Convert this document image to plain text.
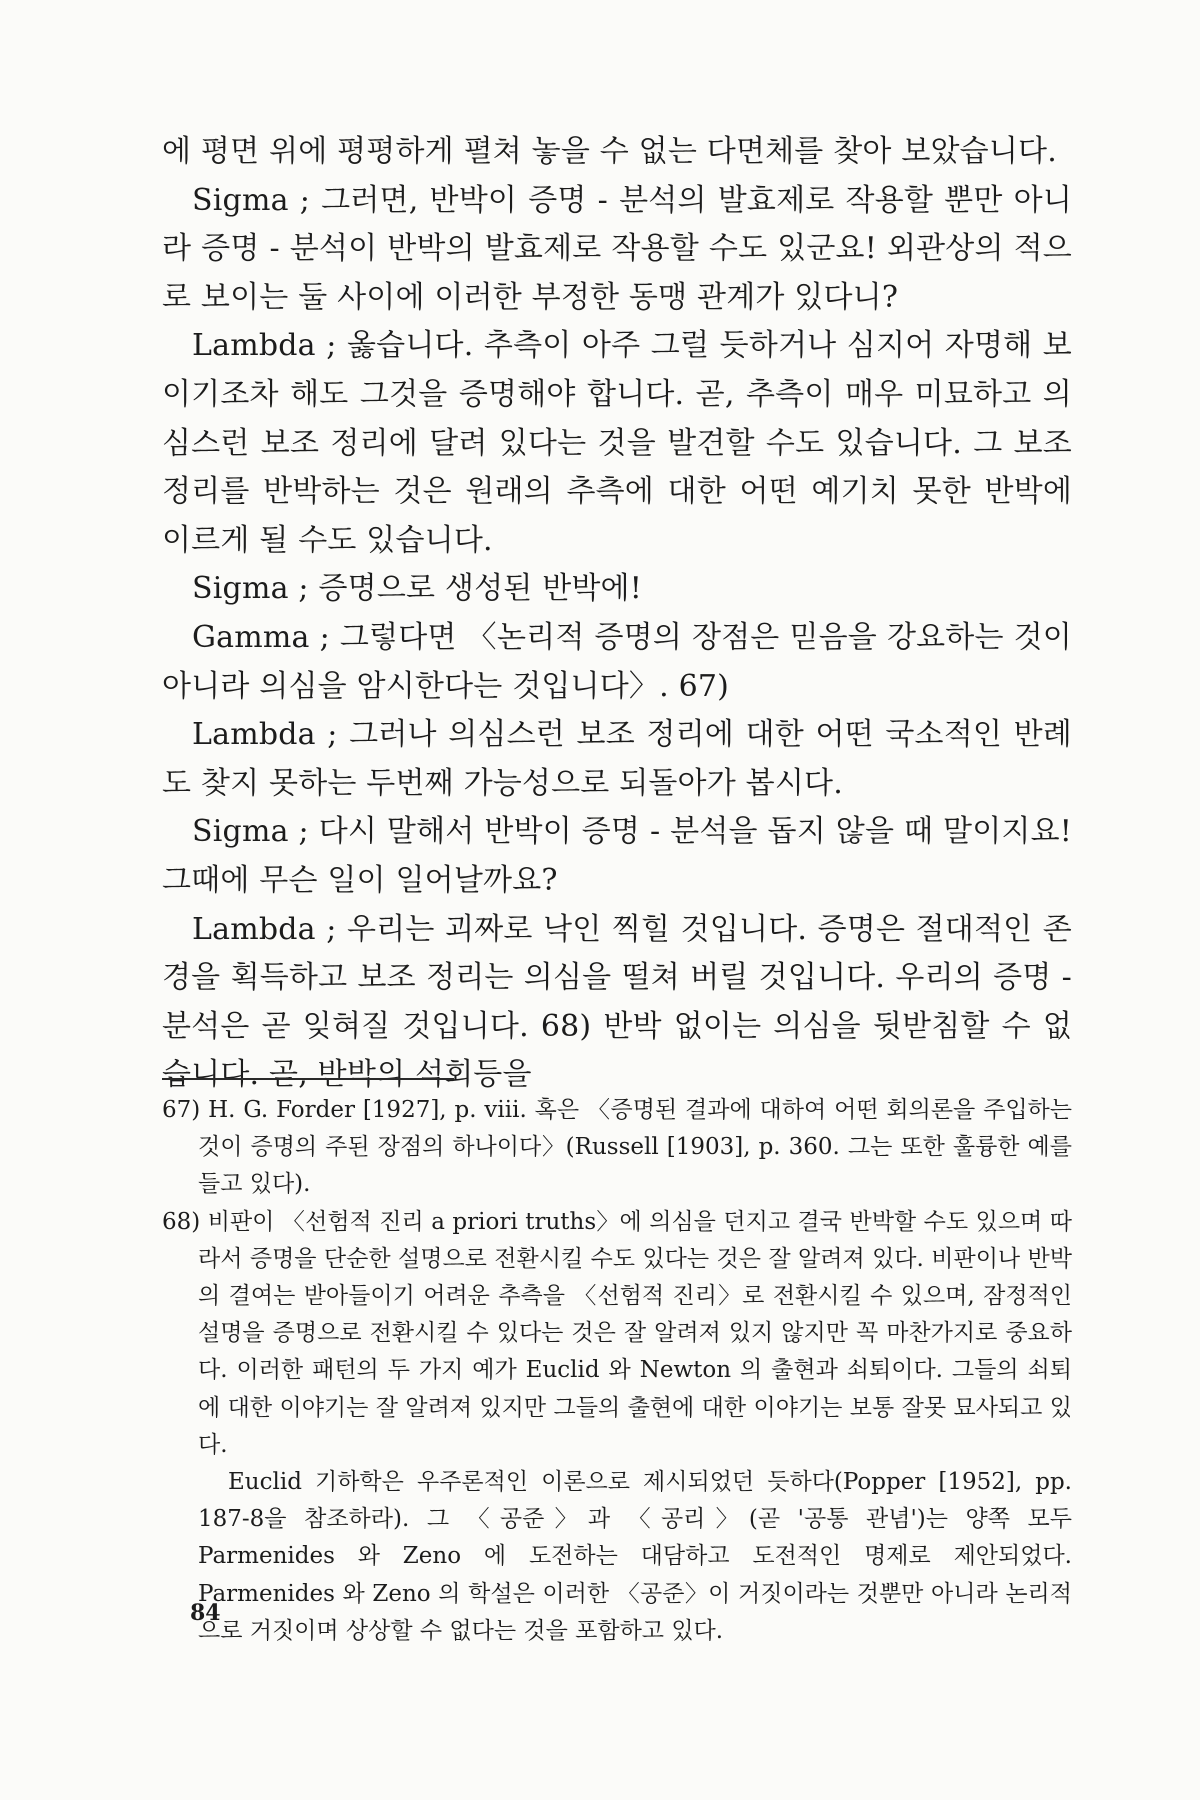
에 평면 위에 평평하게 펼쳐 놓을 수 없는 다면체를 찾아 보았습니다.

Sigma ; 그러면, 반박이 증명 - 분석의 발효제로 작용할 뿐만 아니라 증명 - 분석이 반박의 발효제로 작용할 수도 있군요! 외관상의 적으로 보이는 둘 사이에 이러한 부정한 동맹 관계가 있다니?

Lambda ; 옳습니다. 추측이 아주 그럴 듯하거나 심지어 자명해 보이기조차 해도 그것을 증명해야 합니다. 곧, 추측이 매우 미묘하고 의심스런 보조 정리에 달려 있다는 것을 발견할 수도 있습니다. 그 보조 정리를 반박하는 것은 원래의 추측에 대한 어떤 예기치 못한 반박에 이르게 될 수도 있습니다.

Sigma ; 증명으로 생성된 반박에!

Gamma ; 그렇다면 〈논리적 증명의 장점은 믿음을 강요하는 것이 아니라 의심을 암시한다는 것입니다〉. 67)

Lambda ; 그러나 의심스런 보조 정리에 대한 어떤 국소적인 반례도 찾지 못하는 두번째 가능성으로 되돌아가 봅시다.

Sigma ; 다시 말해서 반박이 증명 - 분석을 돕지 않을 때 말이지요! 그때에 무슨 일이 일어날까요?

Lambda ; 우리는 괴짜로 낙인 찍힐 것입니다. 증명은 절대적인 존경을 획득하고 보조 정리는 의심을 떨쳐 버릴 것입니다. 우리의 증명 - 분석은 곧 잊혀질 것입니다. 68) 반박 없이는 의심을 뒷받침할 수 없습니다. 곧, 반박의 석회등을

67) H. G. Forder [1927], p. viii. 혹은 〈증명된 결과에 대하여 어떤 회의론을 주입하는 것이 증명의 주된 장점의 하나이다〉(Russell [1903], p. 360. 그는 또한 훌륭한 예를 들고 있다).

68) 비판이 〈선험적 진리 a priori truths〉에 의심을 던지고 결국 반박할 수도 있으며 따라서 증명을 단순한 설명으로 전환시킬 수도 있다는 것은 잘 알려져 있다. 비판이나 반박의 결여는 받아들이기 어려운 추측을 〈선험적 진리〉로 전환시킬 수 있으며, 잠정적인 설명을 증명으로 전환시킬 수 있다는 것은 잘 알려져 있지 않지만 꼭 마찬가지로 중요하다. 이러한 패턴의 두 가지 예가 Euclid 와 Newton 의 출현과 쇠퇴이다. 그들의 쇠퇴에 대한 이야기는 잘 알려져 있지만 그들의 출현에 대한 이야기는 보통 잘못 묘사되고 있다.

Euclid 기하학은 우주론적인 이론으로 제시되었던 듯하다(Popper [1952], pp. 187-8을 참조하라). 그 〈공준〉과 〈공리〉(곧 '공통 관념')는 양쪽 모두 Parmenides 와 Zeno 에 도전하는 대담하고 도전적인 명제로 제안되었다. Parmenides 와 Zeno 의 학설은 이러한 〈공준〉이 거짓이라는 것뿐만 아니라 논리적으로 거짓이며 상상할 수 없다는 것을 포함하고 있다.

84
